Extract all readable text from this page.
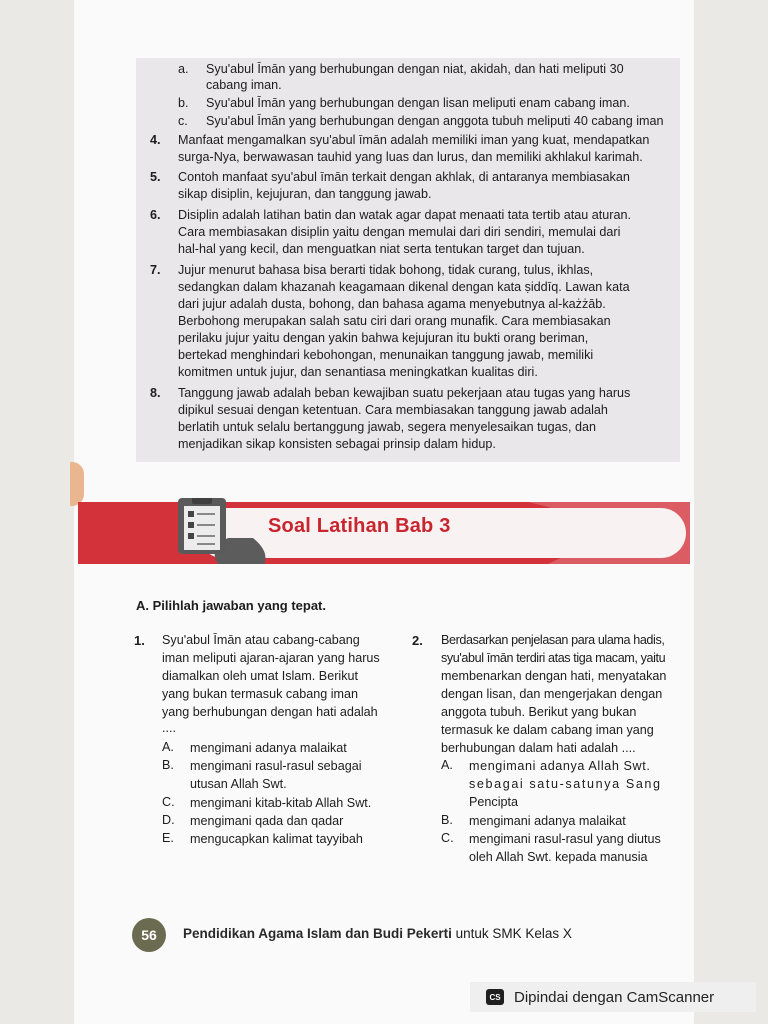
a. Syu'abul Īmān yang berhubungan dengan niat, akidah, dan hati meliputi 30
cabang iman.
b. Syu'abul Īmān yang berhubungan dengan lisan meliputi enam cabang iman.
c. Syu'abul Īmān yang berhubungan dengan anggota tubuh meliputi 40 cabang iman
4. Manfaat mengamalkan syu'abul īmān adalah memiliki iman yang kuat, mendapatkan
surga-Nya, berwawasan tauhid yang luas dan lurus, dan memiliki akhlakul karimah.
5. Contoh manfaat syu'abul īmān terkait dengan akhlak, di antaranya membiasakan
sikap disiplin, kejujuran, dan tanggung jawab.
6. Disiplin adalah latihan batin dan watak agar dapat menaati tata tertib atau aturan.
Cara membiasakan disiplin yaitu dengan memulai dari diri sendiri, memulai dari
hal-hal yang kecil, dan menguatkan niat serta tentukan target dan tujuan.
7. Jujur menurut bahasa bisa berarti tidak bohong, tidak curang, tulus, ikhlas,
sedangkan dalam khazanah keagamaan dikenal dengan kata ṣiddīq. Lawan kata
dari jujur adalah dusta, bohong, dan bahasa agama menyebutnya al-każżāb.
Berbohong merupakan salah satu ciri dari orang munafik. Cara membiasakan
perilaku jujur yaitu dengan yakin bahwa kejujuran itu bukti orang beriman,
bertekad menghindari kebohongan, menunaikan tanggung jawab, memiliki
komitmen untuk jujur, dan senantiasa meningkatkan kualitas diri.
8. Tanggung jawab adalah beban kewajiban suatu pekerjaan atau tugas yang harus
dipikul sesuai dengan ketentuan. Cara membiasakan tanggung jawab adalah
berlatih untuk selalu bertanggung jawab, segera menyelesaikan tugas, dan
menjadikan sikap konsisten sebagai prinsip dalam hidup.
Soal Latihan Bab 3
A. Pilihlah jawaban yang tepat.
1. Syu'abul Īmān atau cabang-cabang
iman meliputi ajaran-ajaran yang harus
diamalkan oleh umat Islam. Berikut
yang bukan termasuk cabang iman
yang berhubungan dengan hati adalah
....
A. mengimani adanya malaikat
B. mengimani rasul-rasul sebagai
utusan Allah Swt.
C. mengimani kitab-kitab Allah Swt.
D. mengimani qada dan qadar
E. mengucapkan kalimat tayyibah
2. Berdasarkan penjelasan para ulama hadis,
syu'abul īmān terdiri atas tiga macam, yaitu
membenarkan dengan hati, menyatakan
dengan lisan, dan mengerjakan dengan
anggota tubuh. Berikut yang bukan
termasuk ke dalam cabang iman yang
berhubungan dalam hati adalah ....
A. mengimani adanya Allah Swt.
sebagai satu-satunya Sang
Pencipta
B. mengimani adanya malaikat
C. mengimani rasul-rasul yang diutus
oleh Allah Swt. kepada manusia
56	Pendidikan Agama Islam dan Budi Pekerti untuk SMK Kelas X
CS Dipindai dengan CamScanner
